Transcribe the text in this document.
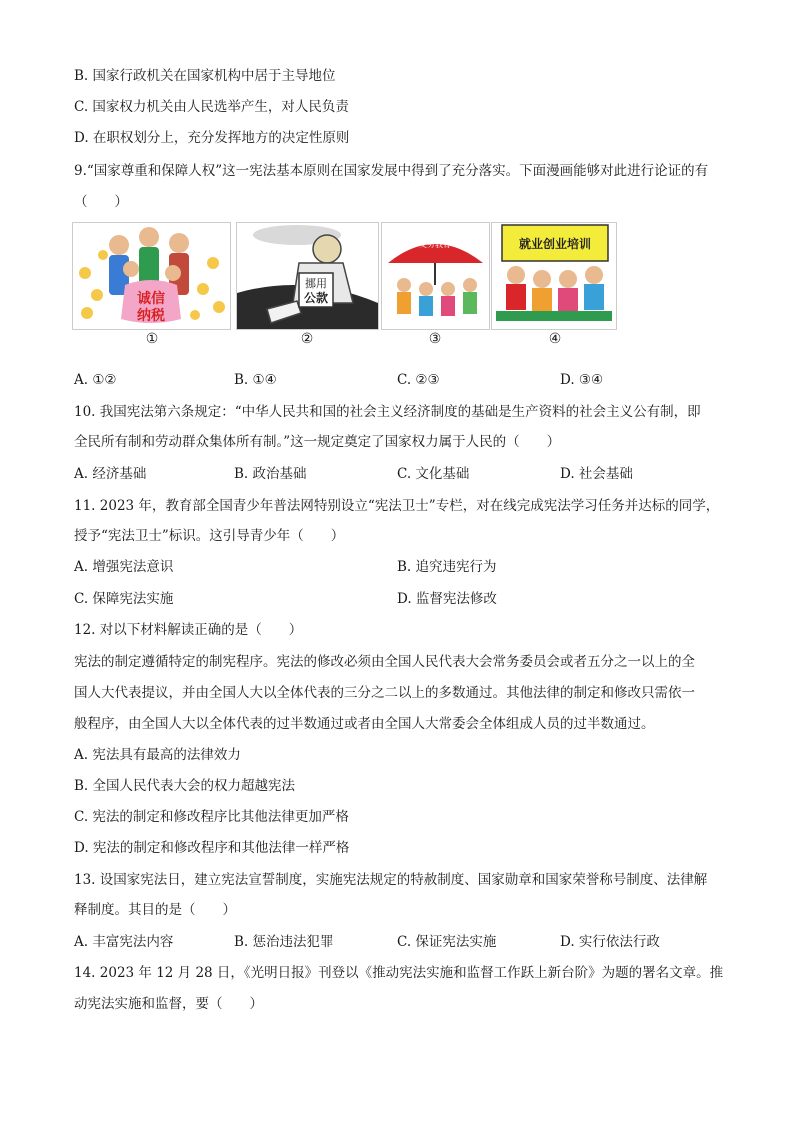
B. 国家行政机关在国家机构中居于主导地位
C. 国家权力机关由人民选举产生，对人民负责
D. 在职权划分上，充分发挥地方的决定性原则
9.“国家尊重和保障人权”这一宪法基本原则在国家发展中得到了充分落实。下面漫画能够对此进行论证的有
（　　）
诚信
纳税
挪用
公款
义务教育	就业创业培训
①	②	③	④
A. ①②	B. ①④	C. ②③	D. ③④
10. 我国宪法第六条规定：“中华人民共和国的社会主义经济制度的基础是生产资料的社会主义公有制，即
全民所有制和劳动群众集体所有制。”这一规定奠定了国家权力属于人民的（　　）
A. 经济基础	B. 政治基础	C. 文化基础	D. 社会基础
11. 2023 年，教育部全国青少年普法网特别设立“宪法卫士”专栏，对在线完成宪法学习任务并达标的同学，
授予“宪法卫士”标识。这引导青少年（　　）
A. 增强宪法意识	B. 追究违宪行为
C. 保障宪法实施	D. 监督宪法修改
12. 对以下材料解读正确的是（　　）
宪法的制定遵循特定的制宪程序。宪法的修改必须由全国人民代表大会常务委员会或者五分之一以上的全
国人大代表提议，并由全国人大以全体代表的三分之二以上的多数通过。其他法律的制定和修改只需依一
般程序，由全国人大以全体代表的过半数通过或者由全国人大常委会全体组成人员的过半数通过。
A. 宪法具有最高的法律效力
B. 全国人民代表大会的权力超越宪法
C. 宪法的制定和修改程序比其他法律更加严格
D. 宪法的制定和修改程序和其他法律一样严格
13. 设国家宪法日，建立宪法宣誓制度，实施宪法规定的特赦制度、国家勋章和国家荣誉称号制度、法律解
释制度。其目的是（　　）
A. 丰富宪法内容	B. 惩治违法犯罪	C. 保证宪法实施	D. 实行依法行政
14. 2023 年 12 月 28 日，《光明日报》刊登以《推动宪法实施和监督工作跃上新台阶》为题的署名文章。推
动宪法实施和监督，要（　　）
